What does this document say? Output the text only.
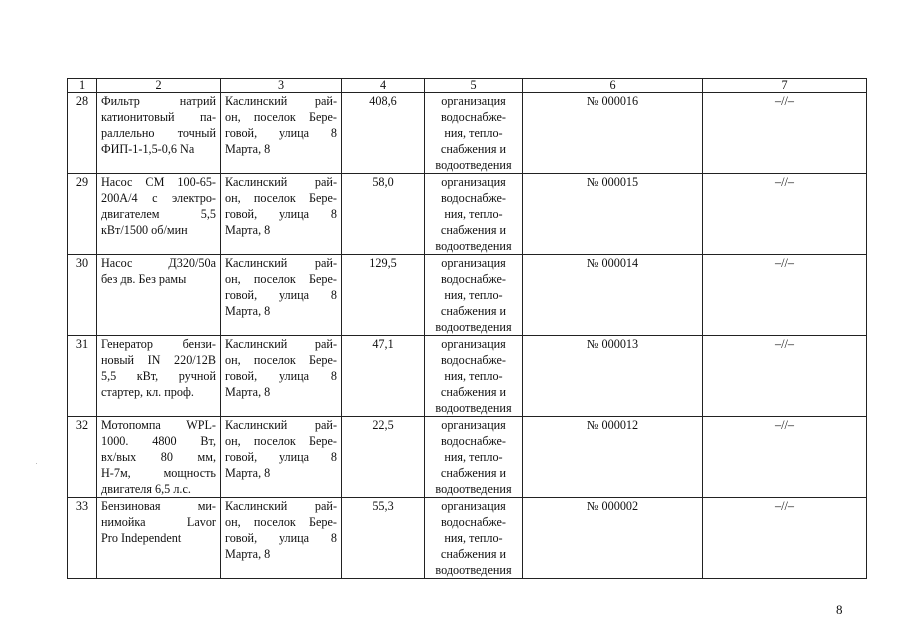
1	2	3	4	5	6	7
28	Фильтр натрий
катионитовый па-
раллельно точный
ФИП-1-1,5-0,6 Na	Каслинский рай-
он, поселок Бере-
говой, улица 8
Марта, 8	408,6	организация
водоснабже-
ния, тепло-
снабжения и
водоотведения	№ 000016	–//–
29	Насос СМ 100-65-
200А/4 с электро-
двигателем 5,5
кВт/1500 об/мин	Каслинский рай-
он, поселок Бере-
говой, улица 8
Марта, 8	58,0	организация
водоснабже-
ния, тепло-
снабжения и
водоотведения	№ 000015	–//–
30	Насос Д320/50а
без дв. Без рамы	Каслинский рай-
он, поселок Бере-
говой, улица 8
Марта, 8	129,5	организация
водоснабже-
ния, тепло-
снабжения и
водоотведения	№ 000014	–//–
31	Генератор бензи-
новый IN 220/12В
5,5 кВт, ручной
стартер, кл. проф.	Каслинский рай-
он, поселок Бере-
говой, улица 8
Марта, 8	47,1	организация
водоснабже-
ния, тепло-
снабжения и
водоотведения	№ 000013	–//–
32	Мотопомпа WPL-
1000. 4800 Вт,
вх/вых 80 мм,
Н-7м, мощность
двигателя 6,5 л.с.	Каслинский рай-
он, поселок Бере-
говой, улица 8
Марта, 8	22,5	организация
водоснабже-
ния, тепло-
снабжения и
водоотведения	№ 000012	–//–
33	Бензиновая ми-
нимойка Lavor
Pro Independent	Каслинский рай-
он, поселок Бере-
говой, улица 8
Марта, 8	55,3	организация
водоснабже-
ния, тепло-
снабжения и
водоотведения	№ 000002	–//–
8
